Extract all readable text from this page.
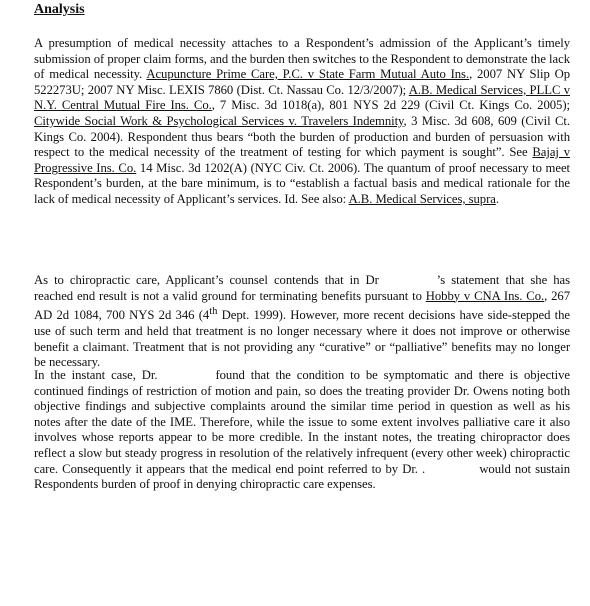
Analysis
A presumption of medical necessity attaches to a Respondent’s admission of the Applicant’s timely submission of proper claim forms, and the burden then switches to the Respondent to demonstrate the lack of medical necessity. Acupuncture Prime Care, P.C. v State Farm Mutual Auto Ins., 2007 NY Slip Op 522273U; 2007 NY Misc. LEXIS 7860 (Dist. Ct. Nassau Co. 12/3/2007); A.B. Medical Services, PLLC v N.Y. Central Mutual Fire Ins. Co., 7 Misc. 3d 1018(a), 801 NYS 2d 229 (Civil Ct. Kings Co. 2005); Citywide Social Work & Psychological Services v. Travelers Indemnity, 3 Misc. 3d 608, 609 (Civil Ct. Kings Co. 2004). Respondent thus bears “both the burden of production and burden of persuasion with respect to the medical necessity of the treatment of testing for which payment is sought”. See Bajaj v Progressive Ins. Co. 14 Misc. 3d 1202(A) (NYC Civ. Ct. 2006). The quantum of proof necessary to meet Respondent’s burden, at the bare minimum, is to “establish a factual basis and medical rationale for the lack of medical necessity of Applicant’s services. Id. See also: A.B. Medical Services, supra.
As to chiropractic care, Applicant’s counsel contends that in Dr	’s statement that she has reached end result is not a valid ground for terminating benefits pursuant to Hobby v CNA Ins. Co., 267 AD 2d 1084, 700 NYS 2d 346 (4th Dept. 1999). However, more recent decisions have side-stepped the use of such term and held that treatment is no longer necessary where it does not improve or otherwise benefit a claimant. Treatment that is not providing any “curative” or “palliative” benefits may no longer be necessary.
In the instant case, Dr.	found that the condition to be symptomatic and there is objective continued findings of restriction of motion and pain, so does the treating provider Dr. Owens noting both objective findings and subjective complaints around the similar time period in question as well as his notes after the date of the IME. Therefore, while the issue to some extent involves palliative care it also involves whose reports appear to be more credible. In the instant notes, the treating chiropractor does reflect a slow but steady progress in resolution of the relatively infrequent (every other week) chiropractic care. Consequently it appears that the medical end point referred to by Dr. .	would not sustain Respondents burden of proof in denying chiropractic care expenses.
